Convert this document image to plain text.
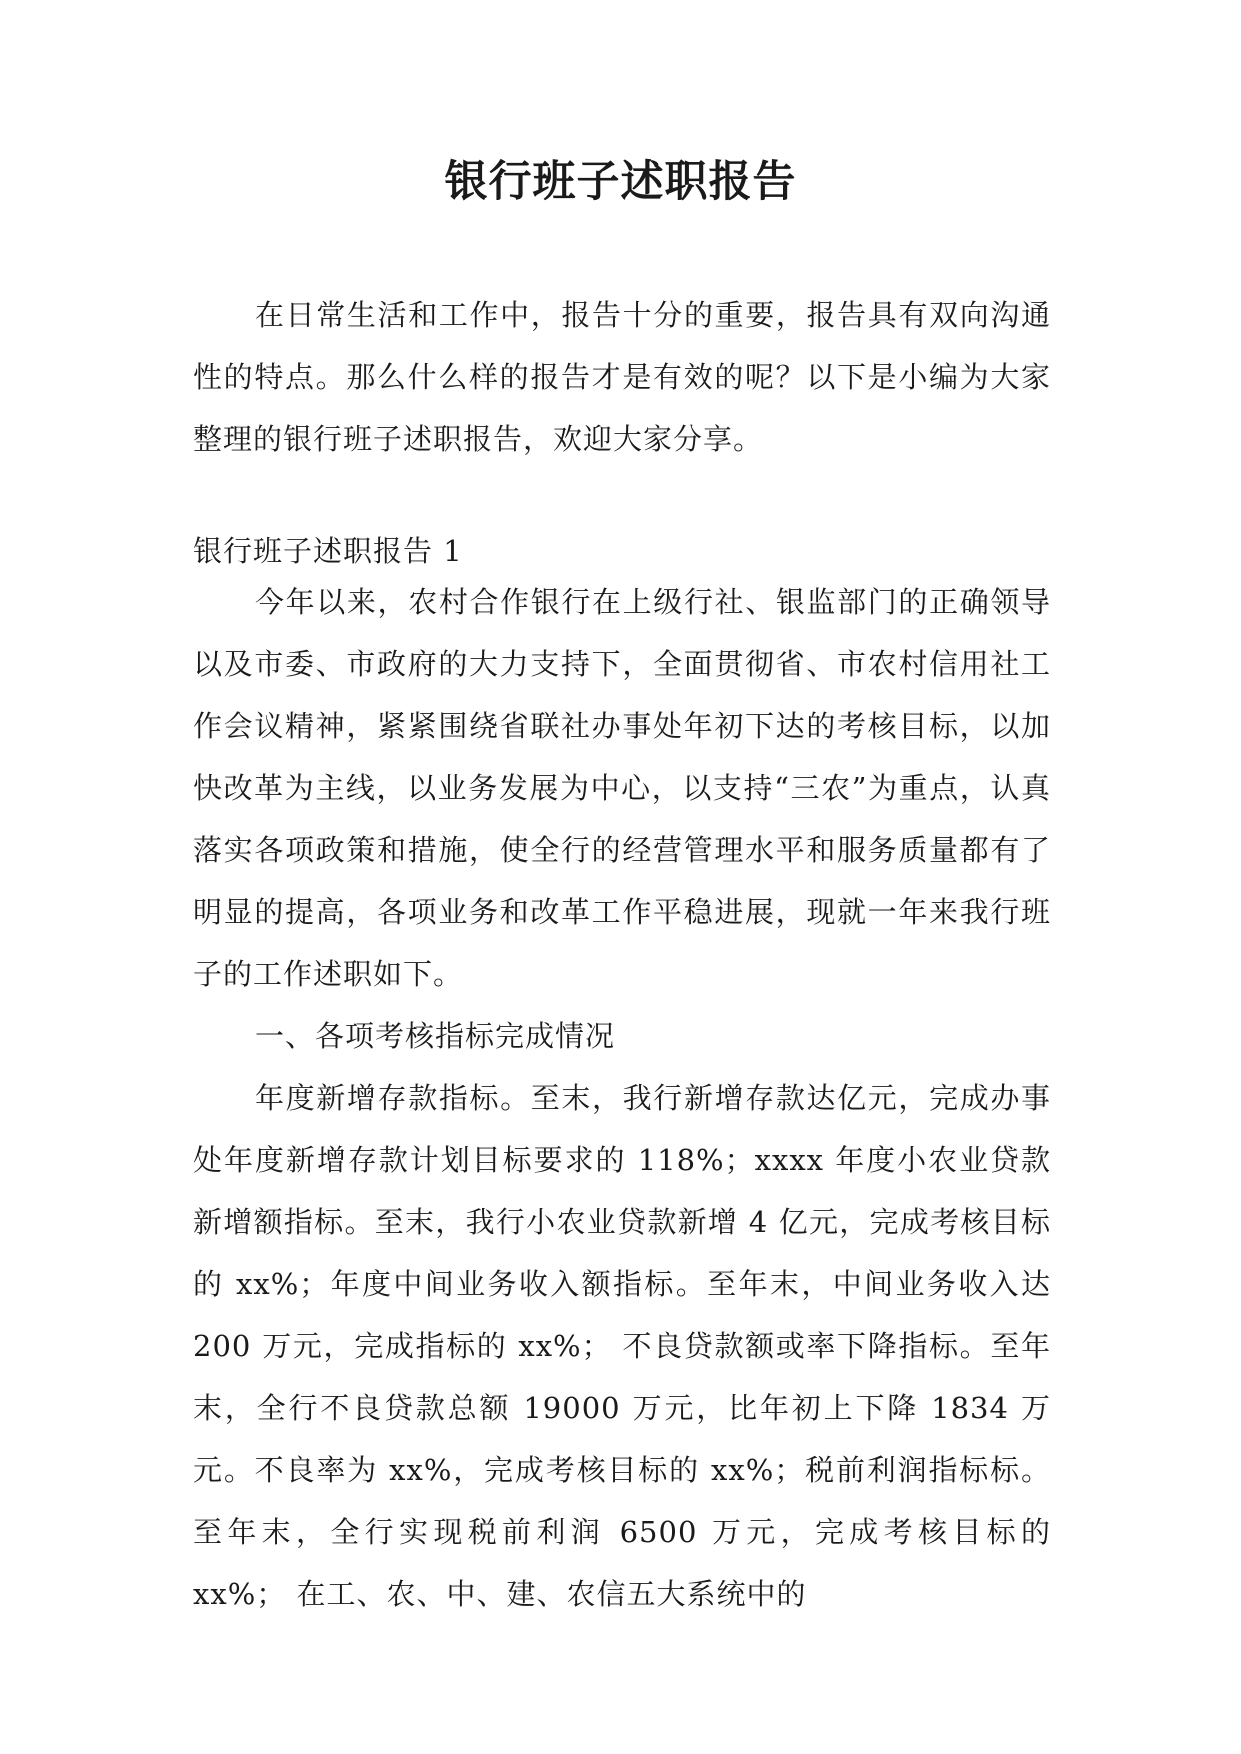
银行班子述职报告

在日常生活和工作中，报告十分的重要，报告具有双向沟通性的特点。那么什么样的报告才是有效的呢？以下是小编为大家整理的银行班子述职报告，欢迎大家分享。

银行班子述职报告 1

今年以来，农村合作银行在上级行社、银监部门的正确领导以及市委、市政府的大力支持下，全面贯彻省、市农村信用社工作会议精神，紧紧围绕省联社办事处年初下达的考核目标，以加快改革为主线，以业务发展为中心，以支持“三农”为重点，认真落实各项政策和措施，使全行的经营管理水平和服务质量都有了明显的提高，各项业务和改革工作平稳进展，现就一年来我行班子的工作述职如下。

一、各项考核指标完成情况

年度新增存款指标。至末，我行新增存款达亿元，完成办事处年度新增存款计划目标要求的 118%；xxxx 年度小农业贷款新增额指标。至末，我行小农业贷款新增 4 亿元，完成考核目标的 xx%；年度中间业务收入额指标。至年末，中间业务收入达 200 万元，完成指标的 xx%； 不良贷款额或率下降指标。至年末，全行不良贷款总额 19000 万元，比年初上下降 1834 万元。不良率为 xx%，完成考核目标的 xx%；税前利润指标标。至年末，全行实现税前利润 6500 万元，完成考核目标的 xx%； 在工、农、中、建、农信五大系统中的
